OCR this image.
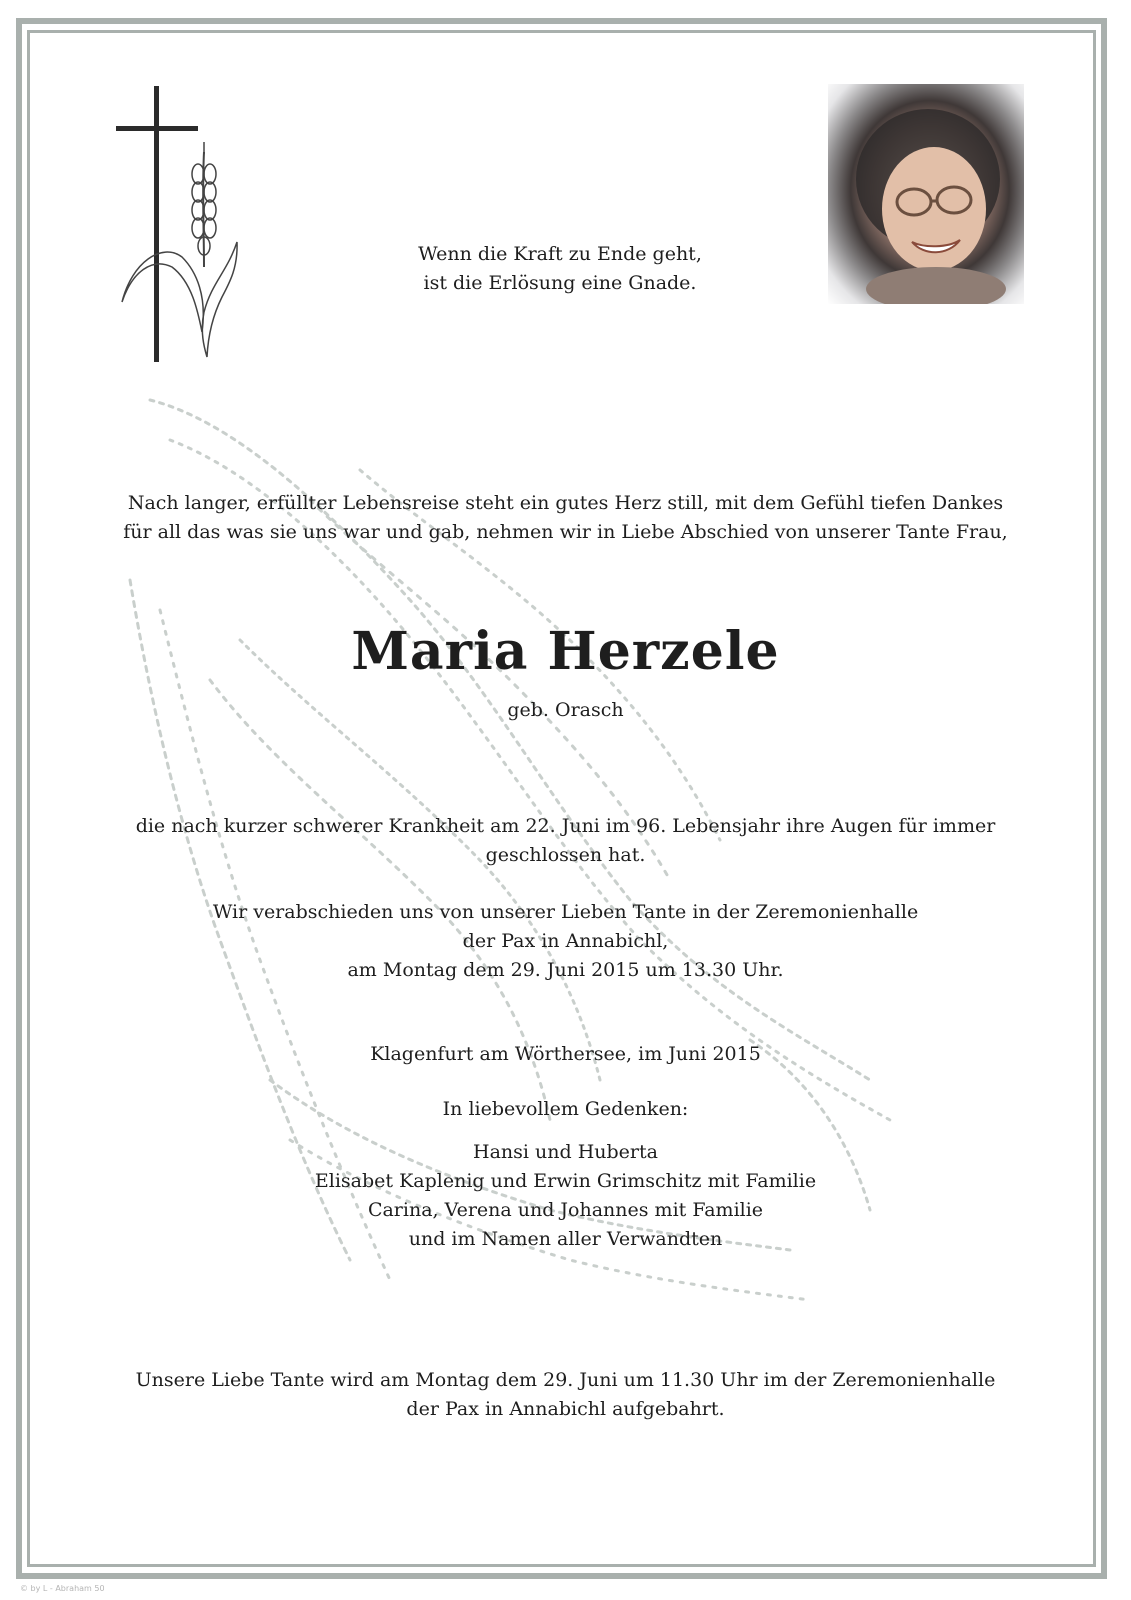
Wenn die Kraft zu Ende geht,
ist die Erlösung eine Gnade.
Nach langer, erfüllter Lebensreise steht ein gutes Herz still, mit dem Gefühl tiefen Dankes
für all das was sie uns war und gab, nehmen wir in Liebe Abschied von unserer Tante Frau,
Maria Herzele
geb. Orasch
die nach kurzer schwerer Krankheit am 22. Juni im 96. Lebensjahr ihre Augen für immer
geschlossen hat.
Wir verabschieden uns von unserer Lieben Tante in der Zeremonienhalle
der Pax in Annabichl,
am Montag dem 29. Juni 2015 um 13.30 Uhr.
Klagenfurt am Wörthersee, im Juni 2015
In liebevollem Gedenken:
Hansi und Huberta
Elisabet Kaplenig und Erwin Grimschitz mit Familie
Carina, Verena und Johannes mit Familie
und im Namen aller Verwandten
Unsere Liebe Tante wird am Montag dem 29. Juni um 11.30 Uhr im der Zeremonienhalle
der Pax in Annabichl aufgebahrt.
© by L - Abraham 50
